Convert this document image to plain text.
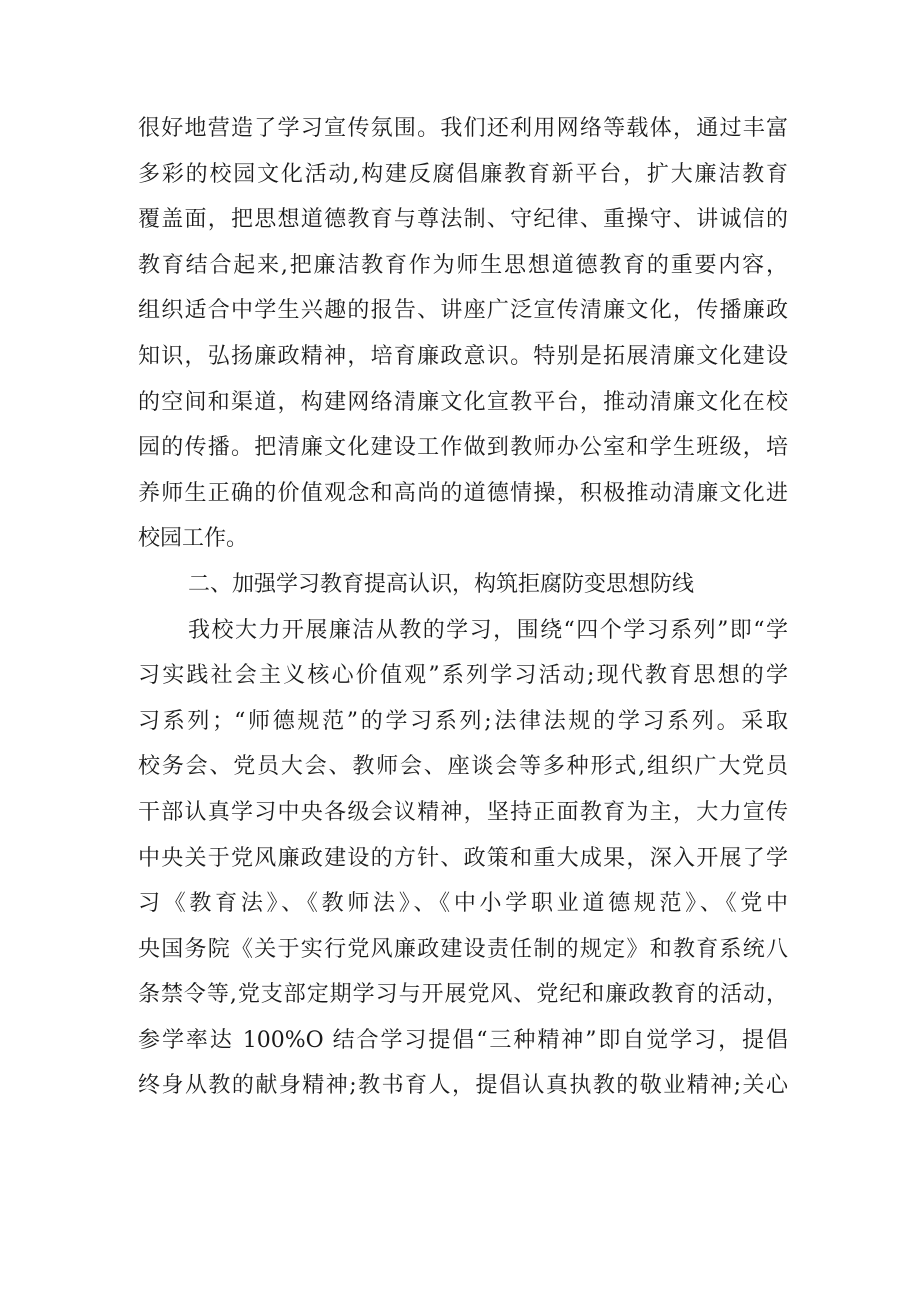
很好地营造了学习宣传氛围。我们还利用网络等载体，通过丰富
多彩的校园文化活动,构建反腐倡廉教育新平台，扩大廉洁教育
覆盖面，把思想道德教育与尊法制、守纪律、重操守、讲诚信的
教育结合起来,把廉洁教育作为师生思想道德教育的重要内容，
组织适合中学生兴趣的报告、讲座广泛宣传清廉文化，传播廉政
知识，弘扬廉政精神，培育廉政意识。特别是拓展清廉文化建设
的空间和渠道，构建网络清廉文化宣教平台，推动清廉文化在校
园的传播。把清廉文化建设工作做到教师办公室和学生班级，培
养师生正确的价值观念和高尚的道德情操，积极推动清廉文化进
校园工作。
二、加强学习教育提高认识，构筑拒腐防变思想防线
我校大力开展廉洁从教的学习，围绕“四个学习系列”即“学
习实践社会主义核心价值观”系列学习活动;现代教育思想的学
习系列；“师德规范”的学习系列;法律法规的学习系列。采取
校务会、党员大会、教师会、座谈会等多种形式,组织广大党员
干部认真学习中央各级会议精神，坚持正面教育为主，大力宣传
中央关于党风廉政建设的方针、政策和重大成果，深入开展了学
习《教育法》、《教师法》、《中小学职业道德规范》、《党中
央国务院《关于实行党风廉政建设责任制的规定》和教育系统八
条禁令等,党支部定期学习与开展党风、党纪和廉政教育的活动，
参学率达 100%O 结合学习提倡“三种精神”即自觉学习，提倡
终身从教的献身精神;教书育人，提倡认真执教的敬业精神;关心
